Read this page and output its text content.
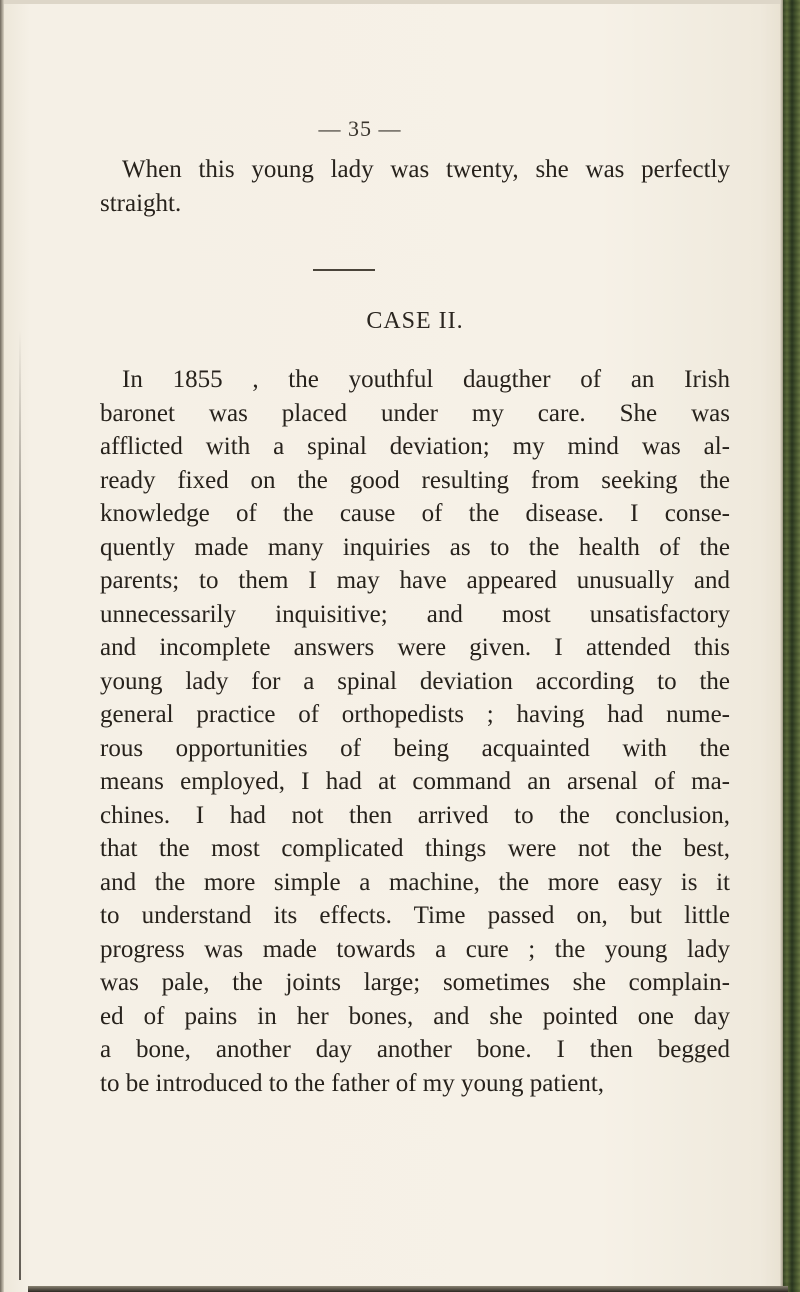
— 35 —
When this young lady was twenty, she was perfectly
straight.
CASE II.
In 1855 , the youthful daugther of an Irish
baronet was placed under my care. She was
afflicted with a spinal deviation; my mind was al-
ready fixed on the good resulting from seeking the
knowledge of the cause of the disease. I conse-
quently made many inquiries as to the health of the
parents; to them I may have appeared unusually and
unnecessarily inquisitive; and most unsatisfactory
and incomplete answers were given. I attended this
young lady for a spinal deviation according to the
general practice of orthopedists ; having had nume-
rous opportunities of being acquainted with the
means employed, I had at command an arsenal of ma-
chines. I had not then arrived to the conclusion,
that the most complicated things were not the best,
and the more simple a machine, the more easy is it
to understand its effects. Time passed on, but little
progress was made towards a cure ; the young lady
was pale, the joints large; sometimes she complain-
ed of pains in her bones, and she pointed one day
a bone, another day another bone. I then begged
to be introduced to the father of my young patient,
